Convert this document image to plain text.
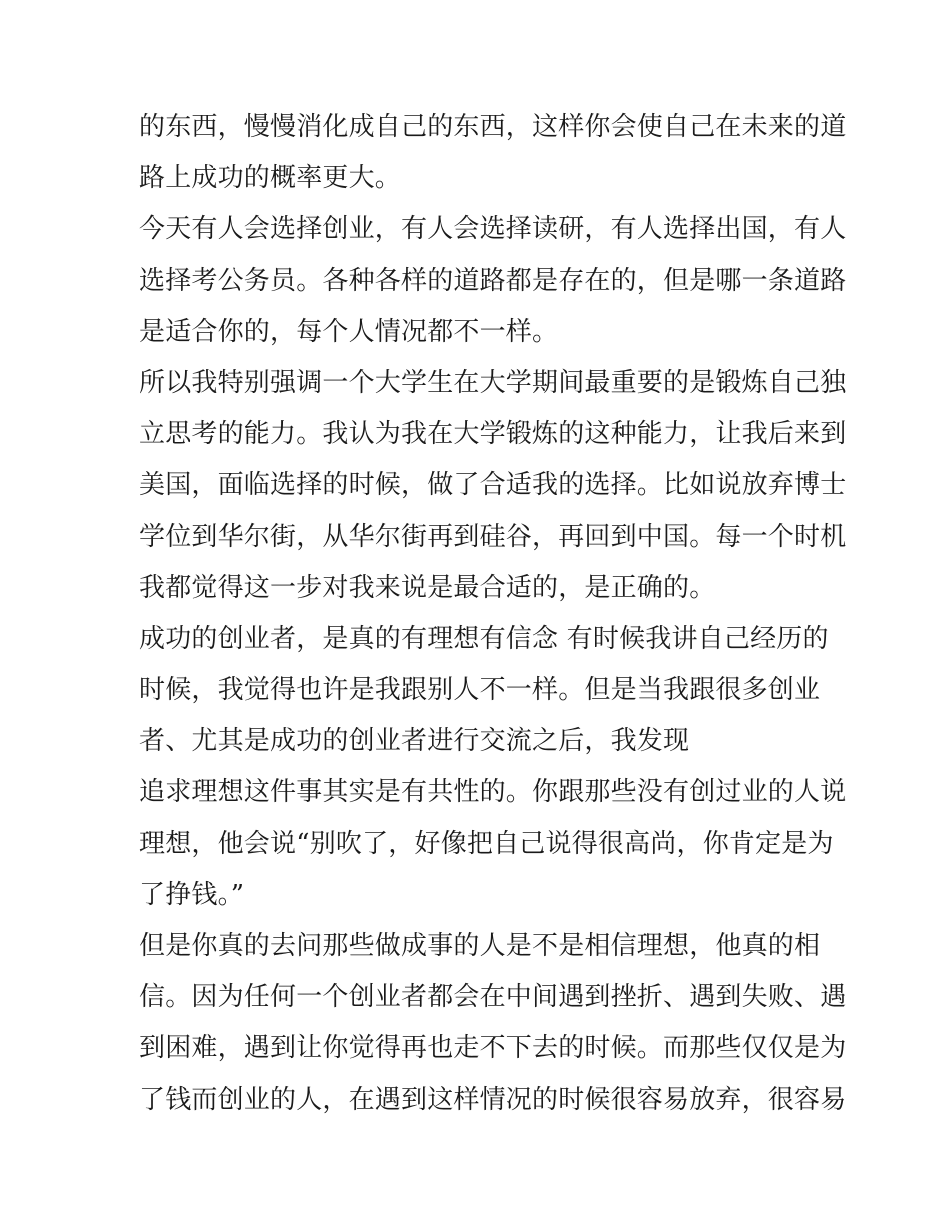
的东西，慢慢消化成自己的东西，这样你会使自己在未来的道
路上成功的概率更大。
今天有人会选择创业，有人会选择读研，有人选择出国，有人
选择考公务员。各种各样的道路都是存在的，但是哪一条道路
是适合你的，每个人情况都不一样。
所以我特别强调一个大学生在大学期间最重要的是锻炼自己独
立思考的能力。我认为我在大学锻炼的这种能力，让我后来到
美国，面临选择的时候，做了合适我的选择。比如说放弃博士
学位到华尔街，从华尔街再到硅谷，再回到中国。每一个时机
我都觉得这一步对我来说是最合适的，是正确的。
成功的创业者，是真的有理想有信念 有时候我讲自己经历的
时候，我觉得也许是我跟别人不一样。但是当我跟很多创业
者、尤其是成功的创业者进行交流之后，我发现
追求理想这件事其实是有共性的。你跟那些没有创过业的人说
理想，他会说“别吹了，好像把自己说得很高尚，你肯定是为
了挣钱。”
但是你真的去问那些做成事的人是不是相信理想，他真的相
信。因为任何一个创业者都会在中间遇到挫折、遇到失败、遇
到困难，遇到让你觉得再也走不下去的时候。而那些仅仅是为
了钱而创业的人，在遇到这样情况的时候很容易放弃，很容易
